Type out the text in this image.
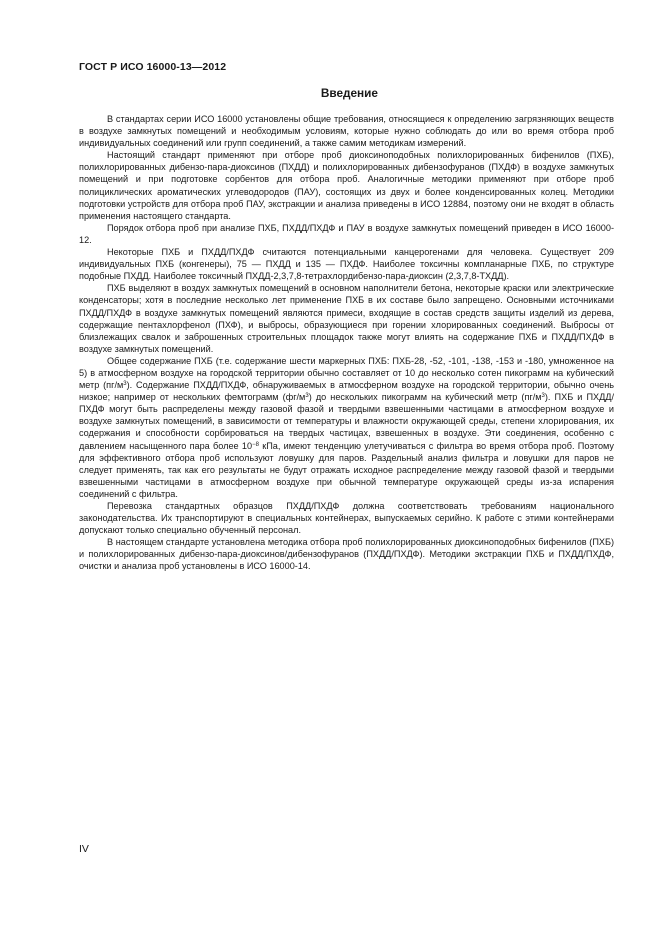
ГОСТ Р ИСО 16000-13—2012
Введение

В стандартах серии ИСО 16000 установлены общие требования, относящиеся к определению загрязняющих веществ в воздухе замкнутых помещений и необходимым условиям, которые нужно соблюдать до или во время отбора проб индивидуальных соединений или групп соединений, а также самим методикам измерений.

Настоящий стандарт применяют при отборе проб диоксиноподобных полихлорированных бифенилов (ПХБ), полихлорированных дибензо-пара-диоксинов (ПХДД) и полихлорированных дибензофуранов (ПХДФ) в воздухе замкнутых помещений и при подготовке сорбентов для отбора проб. Аналогичные методики применяют при отборе проб полициклических ароматических углеводородов (ПАУ), состоящих из двух и более конденсированных колец. Методики подготовки устройств для отбора проб ПАУ, экстракции и анализа приведены в ИСО 12884, поэтому они не входят в область применения настоящего стандарта.

Порядок отбора проб при анализе ПХБ, ПХДД/ПХДФ и ПАУ в воздухе замкнутых помещений приведен в ИСО 16000-12.

Некоторые ПХБ и ПХДД/ПХДФ считаются потенциальными канцерогенами для человека. Существует 209 индивидуальных ПХБ (конгенеры), 75 — ПХДД и 135 — ПХДФ. Наиболее токсичны компланарные ПХБ, по структуре подобные ПХДД. Наиболее токсичный ПХДД-2,3,7,8-тетрахлордибензо-пара-диоксин (2,3,7,8-ТХДД).

ПХБ выделяют в воздух замкнутых помещений в основном наполнители бетона, некоторые краски или электрические конденсаторы; хотя в последние несколько лет применение ПХБ в их составе было запрещено. Основными источниками ПХДД/ПХДФ в воздухе замкнутых помещений являются примеси, входящие в состав средств защиты изделий из дерева, содержащие пентахлорфенол (ПХФ), и выбросы, образующиеся при горении хлорированных соединений. Выбросы от близлежащих свалок и заброшенных строительных площадок также могут влиять на содержание ПХБ и ПХДД/ПХДФ в воздухе замкнутых помещений.

Общее содержание ПХБ (т.е. содержание шести маркерных ПХБ: ПХБ-28, -52, -101, -138, -153 и -180, умноженное на 5) в атмосферном воздухе на городской территории обычно составляет от 10 до несколько сотен пикограмм на кубический метр $(пг/м^3)$. Содержание ПХДД/ПХДФ, обнаруживаемых в атмосферном воздухе на городской территории, обычно очень низкое; например от нескольких фемтограмм $(фг/м^3)$ до нескольких пикограмм на кубический метр $(пг/м^3)$. ПХБ и ПХДД/ПХДФ могут быть распределены между газовой фазой и твердыми взвешенными частицами в атмосферном воздухе и воздухе замкнутых помещений, в зависимости от температуры и влажности окружающей среды, степени хлорирования, их содержания и способности сорбироваться на твердых частицах, взвешенных в воздухе. Эти соединения, особенно с давлением насыщенного пара более $10^{-8}$ кПа, имеют тенденцию улетучиваться с фильтра во время отбора проб. Поэтому для эффективного отбора проб используют ловушку для паров. Раздельный анализ фильтра и ловушки для паров не следует применять, так как его результаты не будут отражать исходное распределение между газовой фазой и твердыми взвешенными частицами в атмосферном воздухе при обычной температуре окружающей среды из-за испарения соединений с фильтра.

Перевозка стандартных образцов ПХДД/ПХДФ должна соответствовать требованиям национального законодательства. Их транспортируют в специальных контейнерах, выпускаемых серийно. К работе с этими контейнерами допускают только специально обученный персонал.

В настоящем стандарте установлена методика отбора проб полихлорированных диоксиноподобных бифенилов (ПХБ) и полихлорированных дибензо-пара-диоксинов/дибензофуранов (ПХДД/ПХДФ). Методики экстракции ПХБ и ПХДД/ПХДФ, очистки и анализа проб установлены в ИСО 16000-14.

IV
